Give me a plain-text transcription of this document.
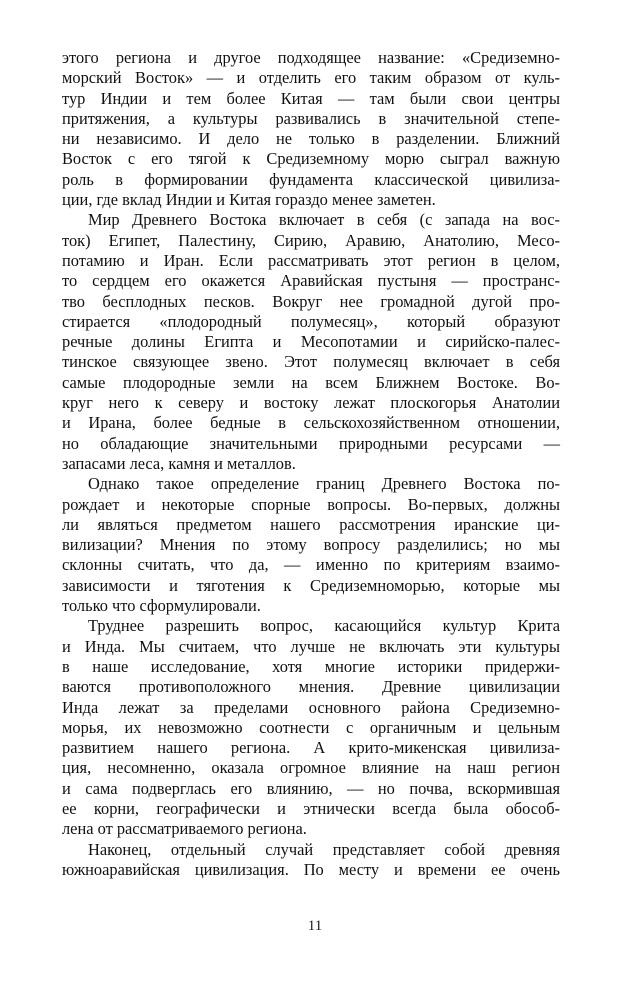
этого региона и другое подходящее название: «Средиземно-
морский Восток» — и отделить его таким образом от куль-
тур Индии и тем более Китая — там были свои центры
притяжения, а культуры развивались в значительной степе-
ни независимо. И дело не только в разделении. Ближний
Восток с его тягой к Средиземному морю сыграл важную
роль в формировании фундамента классической цивилиза-
ции, где вклад Индии и Китая гораздо менее заметен.
Мир Древнего Востока включает в себя (с запада на вос-
ток) Египет, Палестину, Сирию, Аравию, Анатолию, Месо-
потамию и Иран. Если рассматривать этот регион в целом,
то сердцем его окажется Аравийская пустыня — пространс-
тво бесплодных песков. Вокруг нее громадной дугой про-
стирается «плодородный полумесяц», который образуют
речные долины Египта и Месопотамии и сирийско-палес-
тинское связующее звено. Этот полумесяц включает в себя
самые плодородные земли на всем Ближнем Востоке. Во-
круг него к северу и востоку лежат плоскогорья Анатолии
и Ирана, более бедные в сельскохозяйственном отношении,
но обладающие значительными природными ресурсами —
запасами леса, камня и металлов.
Однако такое определение границ Древнего Востока по-
рождает и некоторые спорные вопросы. Во-первых, должны
ли являться предметом нашего рассмотрения иранские ци-
вилизации? Мнения по этому вопросу разделились; но мы
склонны считать, что да, — именно по критериям взаимо-
зависимости и тяготения к Средиземноморью, которые мы
только что сформулировали.
Труднее разрешить вопрос, касающийся культур Крита
и Инда. Мы считаем, что лучше не включать эти культуры
в наше исследование, хотя многие историки придержи-
ваются противоположного мнения. Древние цивилизации
Инда лежат за пределами основного района Средиземно-
морья, их невозможно соотнести с органичным и цельным
развитием нашего региона. А крито-микенская цивилиза-
ция, несомненно, оказала огромное влияние на наш регион
и сама подверглась его влиянию, — но почва, вскормившая
ее корни, географически и этнически всегда была обособ-
лена от рассматриваемого региона.
Наконец, отдельный случай представляет собой древняя
южноаравийская цивилизация. По месту и времени ее очень
11
